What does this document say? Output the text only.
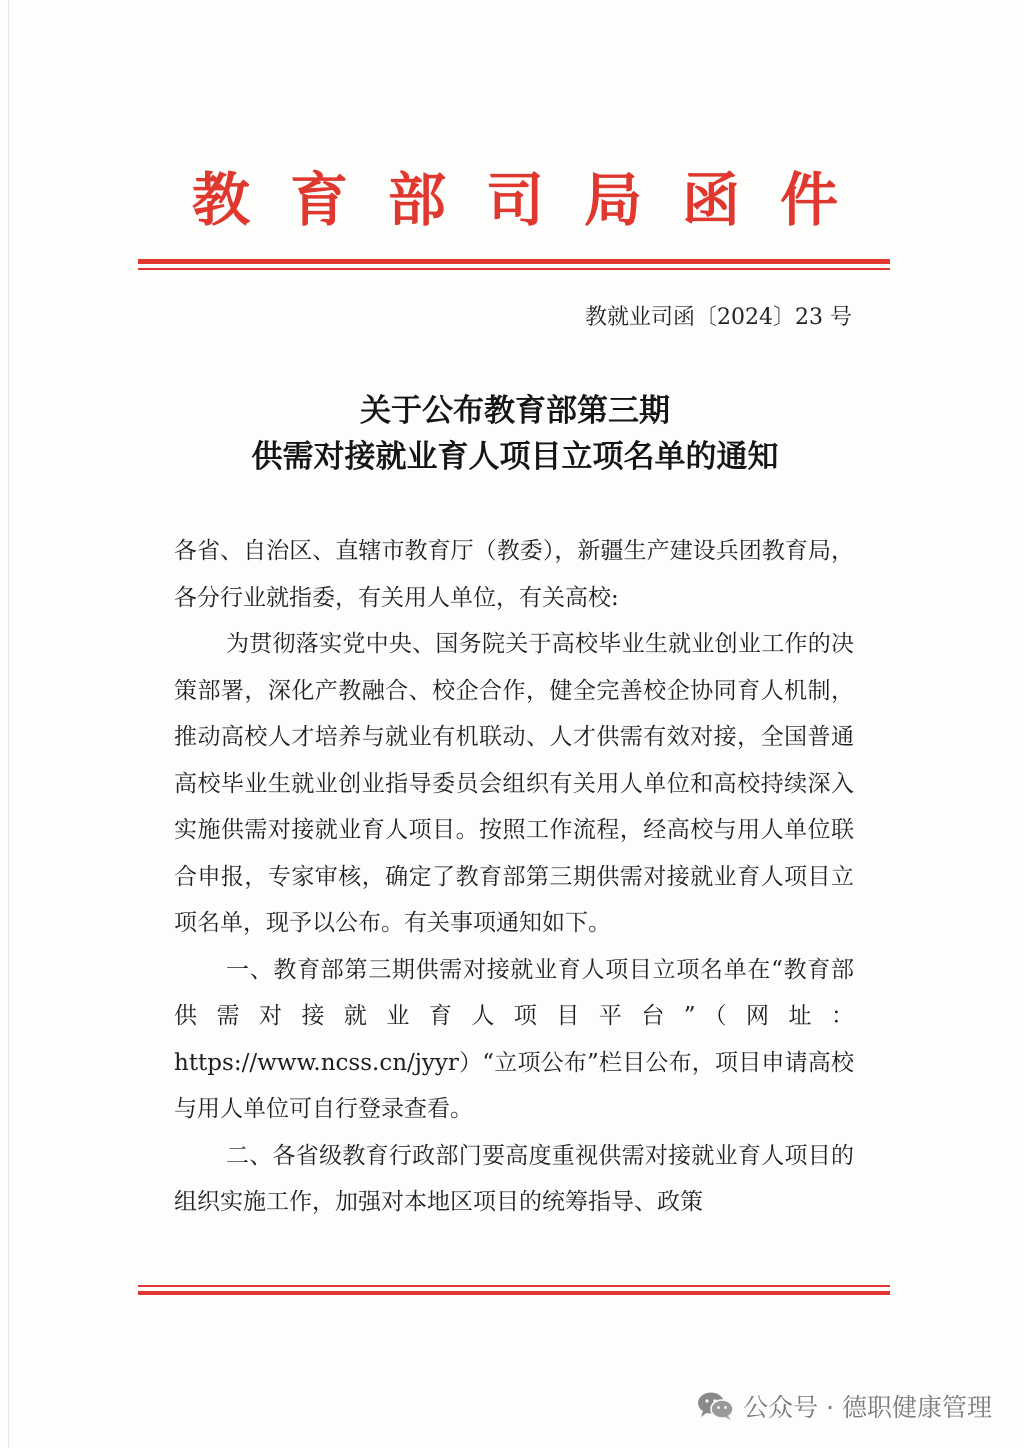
教育部司局函件
教就业司函〔2024〕23 号
关于公布教育部第三期
供需对接就业育人项目立项名单的通知

各省、自治区、直辖市教育厅（教委），新疆生产建设兵团教育局，各分行业就指委，有关用人单位，有关高校:

为贯彻落实党中央、国务院关于高校毕业生就业创业工作的决策部署，深化产教融合、校企合作，健全完善校企协同育人机制，推动高校人才培养与就业有机联动、人才供需有效对接，全国普通高校毕业生就业创业指导委员会组织有关用人单位和高校持续深入实施供需对接就业育人项目。按照工作流程，经高校与用人单位联合申报，专家审核，确定了教育部第三期供需对接就业育人项目立项名单，现予以公布。有关事项通知如下。

一、教育部第三期供需对接就业育人项目立项名单在“教育部供需对接就业育人项目平台”（网址：https://www.ncss.cn/jyyr）“立项公布”栏目公布，项目申请高校与用人单位可自行登录查看。

二、各省级教育行政部门要高度重视供需对接就业育人项目的组织实施工作，加强对本地区项目的统筹指导、政策

公众号 · 德职健康管理
